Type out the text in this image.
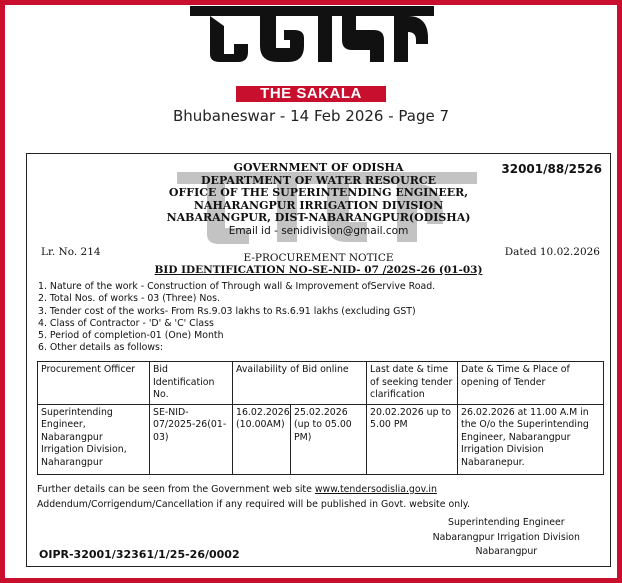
THE SAKALA
Bhubaneswar - 14 Feb 2026 - Page 7
32001/88/2526
GOVERNMENT OF ODISHA
DEPARTMENT OF WATER RESOURCE
OFFICE OF THE SUPERINTENDING ENGINEER,
NAHARANGPUR IRRIGATION DIVISION
NABARANGPUR, DIST-NABARANGPUR(ODISHA)
Email id - senidivision@gmail.com
Lr. No. 214	Dated 10.02.2026
E-PROCUREMENT NOTICE
BID IDENTIFICATION NO-SE-NID- 07 /202S-26 (01-03)
1. Nature of the work - Construction of Through wall & Improvement ofServive Road.
2. Total Nos. of works - 03 (Three) Nos.
3. Tender cost of the works- From Rs.9.03 lakhs to Rs.6.91 lakhs (excluding GST)
4. Class of Contractor - 'D' & 'C' Class
5. Period of completion-01 (One) Month
6. Other details as follows:
Procurement Officer	Bid Identification No.	Availability of Bid online		Last date & time of seeking tender clarification	Date & Time & Place of opening of Tender
Superintending Engineer, Nabarangpur Irrigation Division, Naharangpur	SE-NID-07/2025-26(01-03)	16.02.2026 (10.00AM)	25.02.2026 (up to 05.00 PM)	20.02.2026 up to 5.00 PM	26.02.2026 at 11.00 A.M in the O/o the Superintending Engineer, Nabarangpur Irrigation Division Nabaranepur.
Further details can be seen from the Government web site www.tendersodislia.gov.in
Addendum/Corrigendum/Cancellation if any required will be published in Govt. website only.
Superintending Engineer
Nabarangpur Irrigation Division
Nabarangpur
OIPR-32001/32361/1/25-26/0002
